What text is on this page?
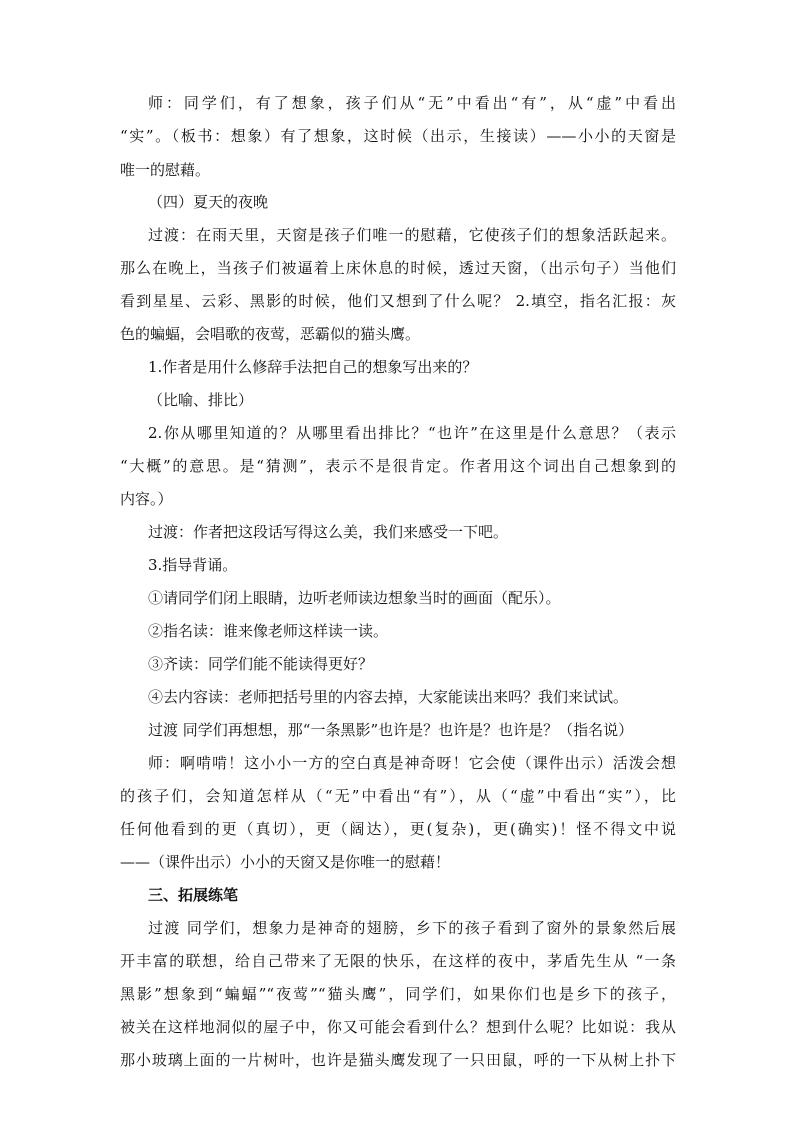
师：同学们，有了想象，孩子们从“无”中看出“有”，从“虚”中看出
“实”。（板书：想象）有了想象，这时候（出示，生接读）——小小的天窗是
唯一的慰藉。
（四）夏天的夜晚
过渡：在雨天里，天窗是孩子们唯一的慰藉，它使孩子们的想象活跃起来。
那么在晚上，当孩子们被逼着上床休息的时候，透过天窗，（出示句子）当他们
看到星星、云彩、黑影的时候，他们又想到了什么呢？ 2.填空，指名汇报：灰
色的蝙蝠，会唱歌的夜莺，恶霸似的猫头鹰。
1.作者是用什么修辞手法把自己的想象写出来的？
（比喻、排比）
2.你从哪里知道的？从哪里看出排比？“也许”在这里是什么意思？（表示
“大概”的意思。是“猜测”，表示不是很肯定。作者用这个词出自己想象到的
内容。）
过渡：作者把这段话写得这么美，我们来感受一下吧。
3.指导背诵。
①请同学们闭上眼睛，边听老师读边想象当时的画面（配乐）。
②指名读：谁来像老师这样读一读。
③齐读：同学们能不能读得更好？
④去内容读：老师把括号里的内容去掉，大家能读出来吗？我们来试试。
过渡 同学们再想想，那“一条黑影”也许是？也许是？也许是？（指名说）
师：啊啃啃！这小小一方的空白真是神奇呀！它会使（课件出示）活泼会想
的孩子们，会知道怎样从（“无”中看出“有”），从（“虚”中看出“实”），比
任何他看到的更（真切），更（阔达），更(复杂)，更(确实)！怪不得文中说
——（课件出示）小小的天窗又是你唯一的慰藉！
三、拓展练笔
过渡 同学们，想象力是神奇的翅膀，乡下的孩子看到了窗外的景象然后展
开丰富的联想，给自己带来了无限的快乐，在这样的夜中，茅盾先生从 “一条
黑影”想象到“蝙蝠”“夜莺”“猫头鹰”，同学们，如果你们也是乡下的孩子，
被关在这样地洞似的屋子中，你又可能会看到什么？想到什么呢？比如说：我从
那小玻璃上面的一片树叶，也许是猫头鹰发现了一只田鼠，呼的一下从树上扑下
